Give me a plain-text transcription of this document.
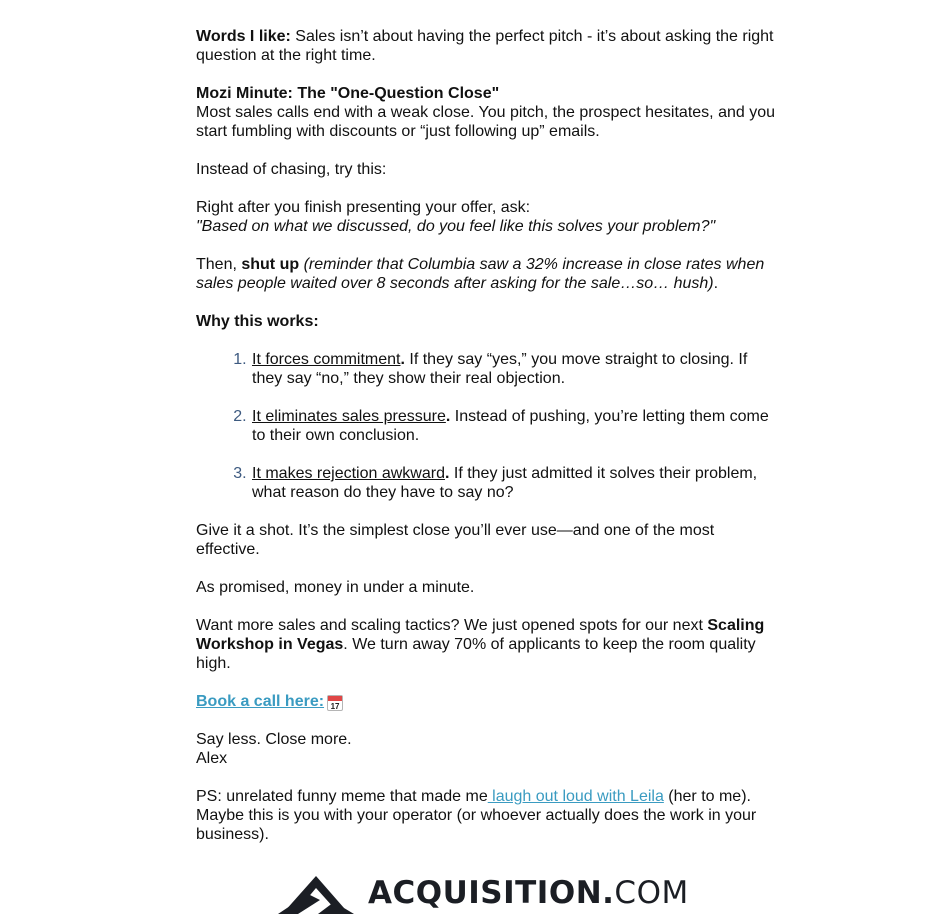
Words I like: Sales isn’t about having the perfect pitch - it’s about asking the right question at the right time.

Mozi Minute: The "One-Question Close"

Most sales calls end with a weak close. You pitch, the prospect hesitates, and you start fumbling with discounts or “just following up” emails.

Instead of chasing, try this:

Right after you finish presenting your offer, ask:

"Based on what we discussed, do you feel like this solves your problem?"

Then, shut up (reminder that Columbia saw a 32% increase in close rates when sales people waited over 8 seconds after asking for the sale…so… hush).

Why this works:

1. It forces commitment. If they say “yes,” you move straight to closing. If they say “no,” they show their real objection.
2. It eliminates sales pressure. Instead of pushing, you’re letting them come to their own conclusion.
3. It makes rejection awkward. If they just admitted it solves their problem, what reason do they have to say no?

Give it a shot. It’s the simplest close you’ll ever use—and one of the most effective.

As promised, money in under a minute.

Want more sales and scaling tactics? We just opened spots for our next Scaling Workshop in Vegas. We turn away 70% of applicants to keep the room quality high.

Book a call here: 17

Say less. Close more.

Alex

PS: unrelated funny meme that made me laugh out loud with Leila (her to me). Maybe this is you with your operator (or whoever actually does the work in your business).

ACQUISITION.COM
